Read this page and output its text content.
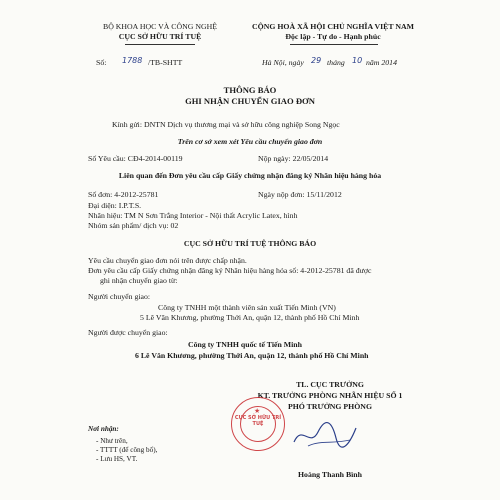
BỘ KHOA HỌC VÀ CÔNG NGHỆ
CỤC SỞ HỮU TRÍ TUỆ
Số: 1788 /TB-SHTT
CỘNG HOÀ XÃ HỘI CHỦ NGHĨA VIỆT NAM
Độc lập - Tự do - Hạnh phúc
Hà Nội, ngày 29 tháng 10 năm 2014
THÔNG BÁO
GHI NHẬN CHUYỂN GIAO ĐƠN
Kính gửi: DNTN Dịch vụ thương mại và sở hữu công nghiệp Song Ngọc
Trên cơ sở xem xét Yêu cầu chuyển giao đơn
Số Yêu cầu: CĐ4-2014-00119	Nộp ngày: 22/05/2014
Liên quan đến Đơn yêu cầu cấp Giấy chứng nhận đăng ký Nhãn hiệu hàng hóa
Số đơn: 4-2012-25781	Ngày nộp đơn: 15/11/2012
Đại diện: I.P.T.S.
Nhãn hiệu: TM N Sơn Trắng Interior - Nội thất Acrylic Latex, hình
Nhóm sản phẩm/ dịch vụ: 02
CỤC SỞ HỮU TRÍ TUỆ THÔNG BÁO
Yêu cầu chuyển giao đơn nói trên được chấp nhận.
Đơn yêu cầu cấp Giấy chứng nhận đăng ký Nhãn hiệu hàng hóa số: 4-2012-25781 đã được
ghi nhận chuyển giao từ:
Người chuyển giao:
Công ty TNHH một thành viên sản xuất Tiến Minh (VN)
5 Lê Văn Khương, phường Thới An, quận 12, thành phố Hồ Chí Minh
Người được chuyển giao:
Công ty TNHH quốc tế Tiến Minh
6 Lê Văn Khương, phường Thới An, quận 12, thành phố Hồ Chí Minh
TL. CỤC TRƯỞNG
KT. TRƯỞNG PHÒNG NHÃN HIỆU SỐ 1
PHÓ TRƯỞNG PHÒNG
★
CỤC SỞ HỮU TRÍ TUỆ
Hoàng Thanh Bình
Nơi nhận:
- Như trên,
- TTTT (để công bố),
- Lưu HS, VT.
